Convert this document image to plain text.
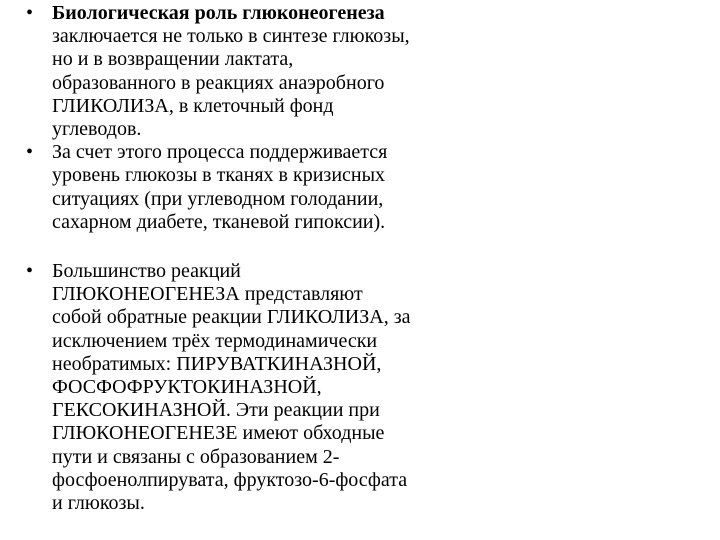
• Биологическая роль глюконеогенеза
заключается не только в синтезе глюкозы,
но и в возвращении лактата,
образованного в реакциях анаэробного
ГЛИКОЛИЗА, в клеточный фонд
углеводов.
• За счет этого процесса поддерживается
уровень глюкозы в тканях в кризисных
ситуациях (при углеводном голодании,
сахарном диабете, тканевой гипоксии).
• Большинство реакций
ГЛЮКОНЕОГЕНЕЗА представляют
собой обратные реакции ГЛИКОЛИЗА, за
исключением трёх термодинамически
необратимых: ПИРУВАТКИНАЗНОЙ,
ФОСФОФРУКТОКИНАЗНОЙ,
ГЕКСОКИНАЗНОЙ. Эти реакции при
ГЛЮКОНЕОГЕНЕЗЕ имеют обходные
пути и связаны с образованием 2-
фосфоенолпирувата, фруктозо-6-фосфата
и глюкозы.
